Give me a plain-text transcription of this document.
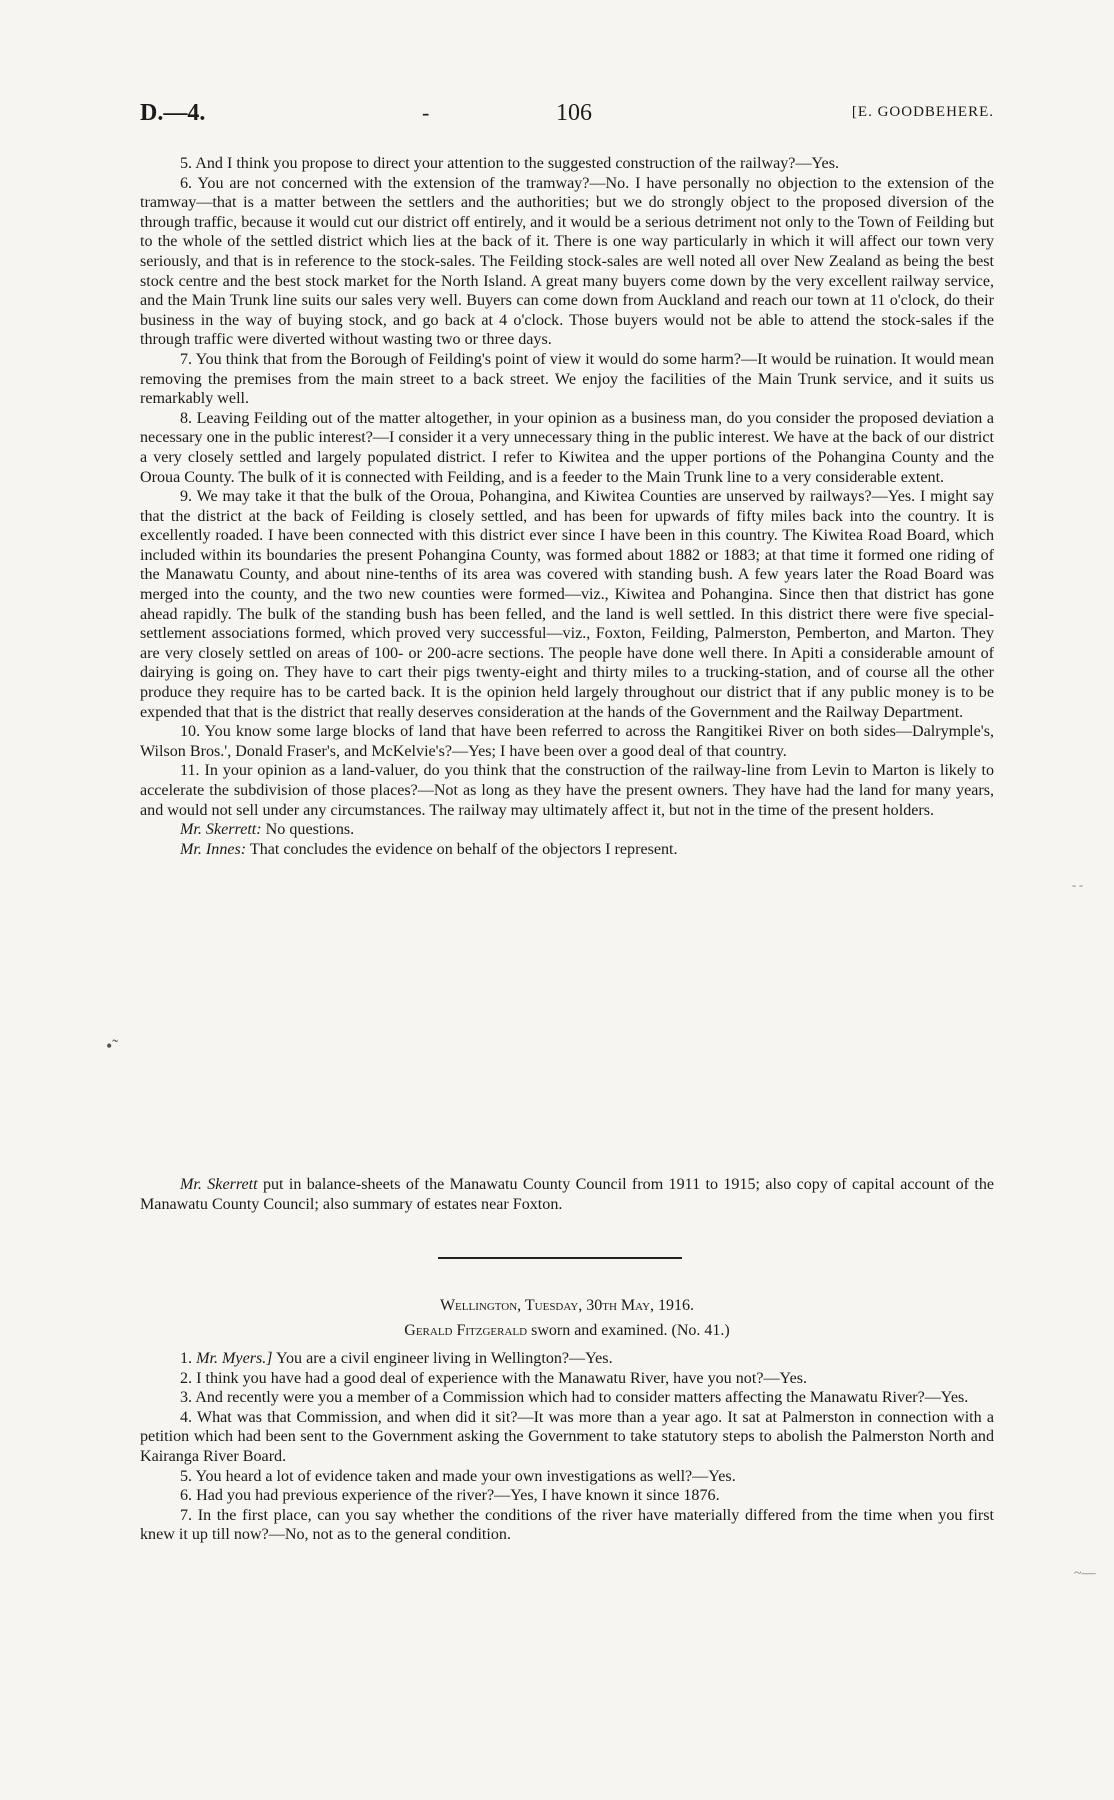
D.—4.	-	106	[E. GOODBEHERE.

5. And I think you propose to direct your attention to the suggested construction of the railway?—Yes.

6. You are not concerned with the extension of the tramway?—No. I have personally no objection to the extension of the tramway—that is a matter between the settlers and the authorities; but we do strongly object to the proposed diversion of the through traffic, because it would cut our district off entirely, and it would be a serious detriment not only to the Town of Feilding but to the whole of the settled district which lies at the back of it. There is one way particularly in which it will affect our town very seriously, and that is in reference to the stock-sales. The Feilding stock-sales are well noted all over New Zealand as being the best stock centre and the best stock market for the North Island. A great many buyers come down by the very excellent railway service, and the Main Trunk line suits our sales very well. Buyers can come down from Auckland and reach our town at 11 o'clock, do their business in the way of buying stock, and go back at 4 o'clock. Those buyers would not be able to attend the stock-sales if the through traffic were diverted without wasting two or three days.

7. You think that from the Borough of Feilding's point of view it would do some harm?—It would be ruination. It would mean removing the premises from the main street to a back street. We enjoy the facilities of the Main Trunk service, and it suits us remarkably well.

8. Leaving Feilding out of the matter altogether, in your opinion as a business man, do you consider the proposed deviation a necessary one in the public interest?—I consider it a very unnecessary thing in the public interest. We have at the back of our district a very closely settled and largely populated district. I refer to Kiwitea and the upper portions of the Pohangina County and the Oroua County. The bulk of it is connected with Feilding, and is a feeder to the Main Trunk line to a very considerable extent.

9. We may take it that the bulk of the Oroua, Pohangina, and Kiwitea Counties are unserved by railways?—Yes. I might say that the district at the back of Feilding is closely settled, and has been for upwards of fifty miles back into the country. It is excellently roaded. I have been connected with this district ever since I have been in this country. The Kiwitea Road Board, which included within its boundaries the present Pohangina County, was formed about 1882 or 1883; at that time it formed one riding of the Manawatu County, and about nine-tenths of its area was covered with standing bush. A few years later the Road Board was merged into the county, and the two new counties were formed—viz., Kiwitea and Pohangina. Since then that district has gone ahead rapidly. The bulk of the standing bush has been felled, and the land is well settled. In this district there were five special-settlement associations formed, which proved very successful—viz., Foxton, Feilding, Palmerston, Pemberton, and Marton. They are very closely settled on areas of 100- or 200-acre sections. The people have done well there. In Apiti a considerable amount of dairying is going on. They have to cart their pigs twenty-eight and thirty miles to a trucking-station, and of course all the other produce they require has to be carted back. It is the opinion held largely throughout our district that if any public money is to be expended that that is the district that really deserves consideration at the hands of the Government and the Railway Department.

10. You know some large blocks of land that have been referred to across the Rangitikei River on both sides—Dalrymple's, Wilson Bros.', Donald Fraser's, and McKelvie's?—Yes; I have been over a good deal of that country.

11. In your opinion as a land-valuer, do you think that the construction of the railway-line from Levin to Marton is likely to accelerate the subdivision of those places?—Not as long as they have the present owners. They have had the land for many years, and would not sell under any circumstances. The railway may ultimately affect it, but not in the time of the present holders.

Mr. Skerrett: No questions.

Mr. Innes: That concludes the evidence on behalf of the objectors I represent.

Mr. Skerrett put in balance-sheets of the Manawatu County Council from 1911 to 1915; also copy of capital account of the Manawatu County Council; also summary of estates near Foxton.

Wellington, Tuesday, 30th May, 1916.
Gerald Fitzgerald sworn and examined. (No. 41.)

1. Mr. Myers.] You are a civil engineer living in Wellington?—Yes.

2. I think you have had a good deal of experience with the Manawatu River, have you not?—Yes.

3. And recently were you a member of a Commission which had to consider matters affecting the Manawatu River?—Yes.

4. What was that Commission, and when did it sit?—It was more than a year ago. It sat at Palmerston in connection with a petition which had been sent to the Government asking the Government to take statutory steps to abolish the Palmerston North and Kairanga River Board.

5. You heard a lot of evidence taken and made your own investigations as well?—Yes.

6. Had you had previous experience of the river?—Yes, I have known it since 1876.

7. In the first place, can you say whether the conditions of the river have materially differed from the time when you first knew it up till now?—No, not as to the general condition.

•˜
- -
~—
